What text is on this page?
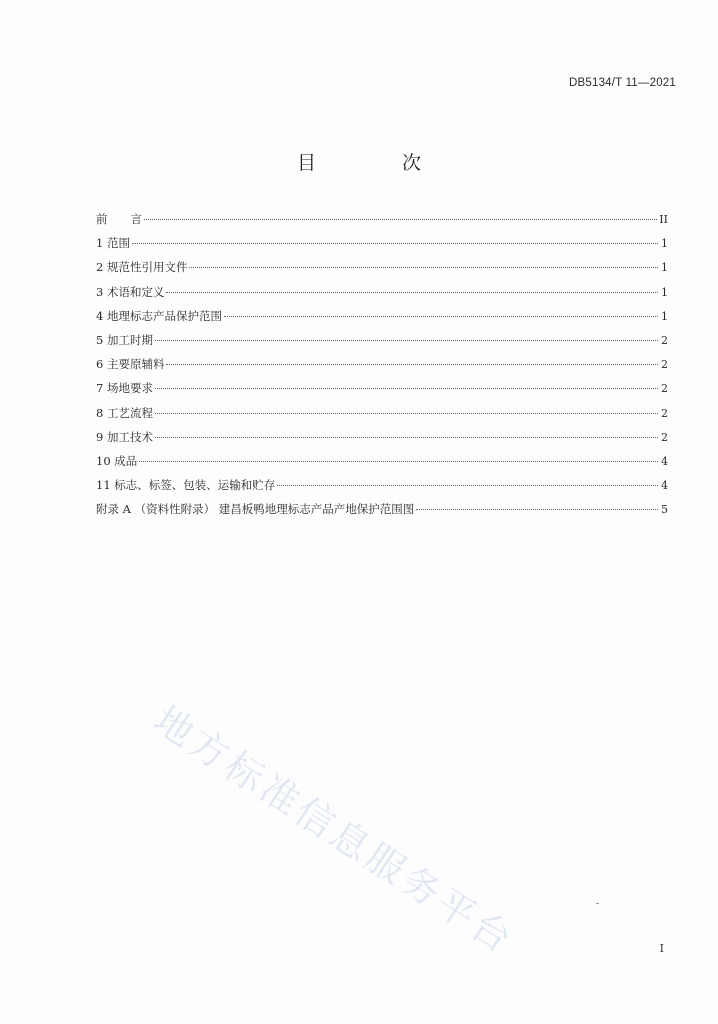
DB5134/T 11—2021
目 次
前　　言	II
1 范围	1
2 规范性引用文件	1
3 术语和定义	1
4 地理标志产品保护范围	1
5 加工时期	2
6 主要原辅料	2
7 场地要求	2
8 工艺流程	2
9 加工技术	2
10 成品	4
11 标志、标签、包装、运输和贮存	4
附录 A （资料性附录） 建昌板鸭地理标志产品产地保护范围图	5
地方标准信息服务平台	I
